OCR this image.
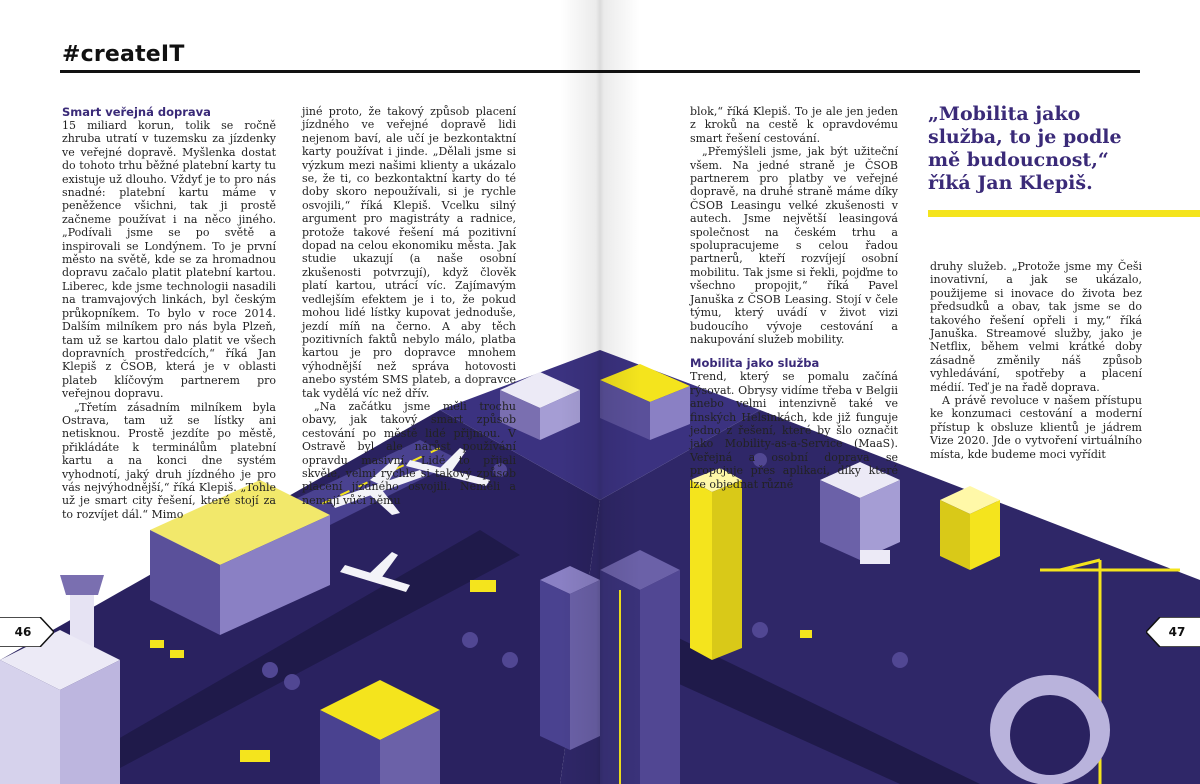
#createIT
Smart veřejná doprava

15 miliard korun, tolik se ročně zhruba utratí v tuzemsku za jízdenky ve veřejné dopravě. Myšlenka dostat do tohoto trhu běžné platební karty tu existuje už dlouho. Vždyť je to pro nás snadné: platební kartu máme v peněžence všichni, tak ji prostě začneme používat i na něco jiného. „Podívali jsme se po světě a inspirovali se Londýnem. To je první město na světě, kde se za hromadnou dopravu začalo platit platební kartou. Liberec, kde jsme technologii nasadili na tramvajových linkách, byl českým průkopníkem. To bylo v roce 2014. Dalším milníkem pro nás byla Plzeň, tam už se kartou dalo platit ve všech dopravních prostředcích,“ říká Jan Klepiš z ČSOB, která je v oblasti plateb klíčovým partnerem pro veřejnou dopravu.

„Třetím zásadním milníkem byla Ostrava, tam už se lístky ani netisknou. Prostě jezdíte po městě, přikládáte k terminálům platební kartu a na konci dne systém vyhodnotí, jaký druh jízdného je pro vás nejvýhodnější,“ říká Klepiš. „Tohle už je smart city řešení, které stojí za to rozvíjet dál.“ Mimo

jiné proto, že takový způsob placení jízdného ve veřejné dopravě lidi nejenom baví, ale učí je bezkontaktní karty používat i jinde. „Dělali jsme si výzkum mezi našimi klienty a ukázalo se, že ti, co bezkontaktní karty do té doby skoro nepoužívali, si je rychle osvojili,“ říká Klepiš. Vcelku silný argument pro magistráty a radnice, protože takové řešení má pozitivní dopad na celou ekonomiku města. Jak studie ukazují (a naše osobní zkušenosti potvrzují), když člověk platí kartou, utrácí víc. Zajímavým vedlejším efektem je i to, že pokud mohou lidé lístky kupovat jednoduše, jezdí míň na černo. A aby těch pozitivních faktů nebylo málo, platba kartou je pro dopravce mnohem výhodnější než správa hotovosti anebo systém SMS plateb, a dopravce tak vydělá víc než dřív.

„Na začátku jsme měli trochu obavy, jak takový smart způsob cestování po městě lidé přijmou. V Ostravě byl ale nárůst používání opravdu masivní. Lidé to přijali skvěle, velmi rychle si takový způsob placení jízdného osvojili. Neměli a nemají vůči němu

blok,“ říká Klepiš. To je ale jen jeden z kroků na cestě k opravdovému smart řešení cestování.

„Přemýšleli jsme, jak být užiteční všem. Na jedné straně je ČSOB partnerem pro platby ve veřejné dopravě, na druhé straně máme díky ČSOB Leasingu velké zkušenosti v autech. Jsme největší leasingová společnost na českém trhu a spolupracujeme s celou řadou partnerů, kteří rozvíjejí osobní mobilitu. Tak jsme si řekli, pojďme to všechno propojit,“ říká Pavel Januška z ČSOB Leasing. Stojí v čele týmu, který uvádí v život vizi budoucího vývoje cestování a nakupování služeb mobility.

Mobilita jako služba

Trend, který se pomalu začíná rýsovat. Obrysy vidíme třeba v Belgii anebo velmi intenzivně také ve finských Helsinkách, kde již funguje jedno z řešení, které by šlo označit jako Mobility-as-a-Service (MaaS). Veřejná a osobní doprava se propojuje přes aplikaci, díky které lze objednat různé

„Mobilita jako služba, to je podle mě budoucnost,“ říká Jan Klepiš.

druhy služeb. „Protože jsme my Češi inovativní, a jak se ukázalo, použijeme si inovace do života bez předsudků a obav, tak jsme se do takového řešení opřeli i my,“ říká Januška. Streamové služby, jako je Netflix, během velmi krátké doby zásadně změnily náš způsob vyhledávání, spotřeby a placení médií. Teď je na řadě doprava.

A právě revoluce v našem přístupu ke konzumaci cestování a moderní přístup k obsluze klientů je jádrem Vize 2020. Jde o vytvoření virtuálního místa, kde budeme moci vyřídit

46	47
